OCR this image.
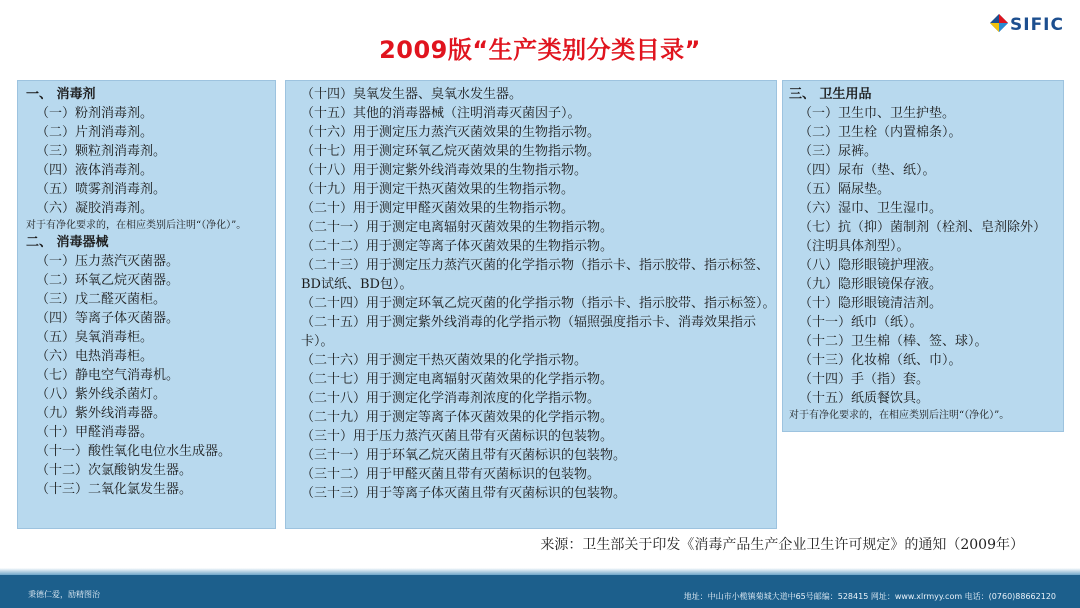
2009版“生产类别分类目录”
SIFIC
一、 消毒剂
（一）粉剂消毒剂。
（二）片剂消毒剂。
（三）颗粒剂消毒剂。
（四）液体消毒剂。
（五）喷雾剂消毒剂。
（六）凝胶消毒剂。
对于有净化要求的，在相应类别后注明“（净化）”。
二、 消毒器械
（一）压力蒸汽灭菌器。
（二）环氧乙烷灭菌器。
（三）戊二醛灭菌柜。
（四）等离子体灭菌器。
（五）臭氧消毒柜。
（六）电热消毒柜。
（七）静电空气消毒机。
（八）紫外线杀菌灯。
（九）紫外线消毒器。
（十）甲醛消毒器。
（十一）酸性氧化电位水生成器。
（十二）次氯酸钠发生器。
（十三）二氧化氯发生器。
（十四）臭氧发生器、臭氧水发生器。
（十五）其他的消毒器械（注明消毒灭菌因子）。
（十六）用于测定压力蒸汽灭菌效果的生物指示物。
（十七）用于测定环氧乙烷灭菌效果的生物指示物。
（十八）用于测定紫外线消毒效果的生物指示物。
（十九）用于测定干热灭菌效果的生物指示物。
（二十）用于测定甲醛灭菌效果的生物指示物。
（二十一）用于测定电离辐射灭菌效果的生物指示物。
（二十二）用于测定等离子体灭菌效果的生物指示物。
（二十三）用于测定压力蒸汽灭菌的化学指示物（指示卡、指示胶带、指示标签、BD试纸、BD包）。
（二十四）用于测定环氧乙烷灭菌的化学指示物（指示卡、指示胶带、指示标签）。
（二十五）用于测定紫外线消毒的化学指示物（辐照强度指示卡、消毒效果指示卡）。
（二十六）用于测定干热灭菌效果的化学指示物。
（二十七）用于测定电离辐射灭菌效果的化学指示物。
（二十八）用于测定化学消毒剂浓度的化学指示物。
（二十九）用于测定等离子体灭菌效果的化学指示物。
（三十）用于压力蒸汽灭菌且带有灭菌标识的包装物。
（三十一）用于环氧乙烷灭菌且带有灭菌标识的包装物。
（三十二）用于甲醛灭菌且带有灭菌标识的包装物。
（三十三）用于等离子体灭菌且带有灭菌标识的包装物。
三、 卫生用品
（一）卫生巾、卫生护垫。
（二）卫生栓（内置棉条）。
（三）尿裤。
（四）尿布（垫、纸）。
（五）隔尿垫。
（六）湿巾、卫生湿巾。
（七）抗（抑）菌制剂（栓剂、皂剂除外）（注明具体剂型）。
（八）隐形眼镜护理液。
（九）隐形眼镜保存液。
（十）隐形眼镜清洁剂。
（十一）纸巾（纸）。
（十二）卫生棉（棒、签、球）。
（十三）化妆棉（纸、巾）。
（十四）手（指）套。
（十五）纸质餐饮具。
对于有净化要求的，在相应类别后注明“（净化）”。
来源：卫生部关于印发《消毒产品生产企业卫生许可规定》的通知（2009年）
秉德仁爱，励精图治	地址：中山市小榄镇菊城大道中65号邮编：528415 网址：www.xlrmyy.com 电话：(0760)88662120
